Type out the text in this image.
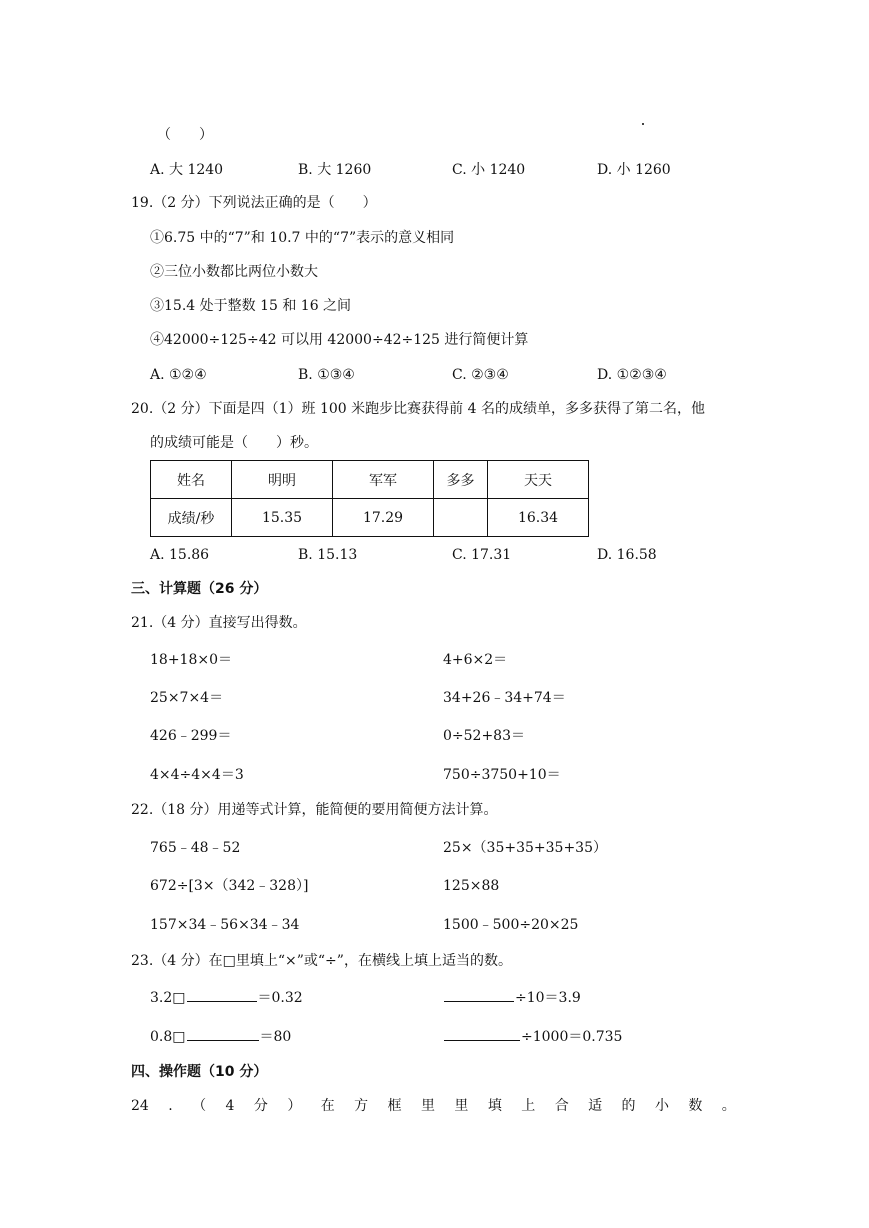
（　　）
A. 大 1240	B. 大 1260	C. 小 1240	D. 小 1260
19.（2 分）下列说法正确的是（　　）
①6.75 中的“7”和 10.7 中的“7”表示的意义相同
②三位小数都比两位小数大
③15.4 处于整数 15 和 16 之间
④42000÷125÷42 可以用 42000÷42÷125 进行简便计算
A. ①②④	B. ①③④	C. ②③④	D. ①②③④
20.（2 分）下面是四（1）班 100 米跑步比赛获得前 4 名的成绩单，多多获得了第二名，他
的成绩可能是（　　）秒。
姓名	明明	军军	多多	天天
成绩/秒	15.35	17.29		16.34
A. 15.86	B. 15.13	C. 17.31	D. 16.58
三、计算题（26 分）
21.（4 分）直接写出得数。
18+18×0＝	4+6×2＝
25×7×4＝	34+26﹣34+74＝
426﹣299＝	0÷52+83＝
4×4÷4×4＝3	750÷3750+10＝
22.（18 分）用递等式计算，能简便的要用简便方法计算。
765﹣48﹣52	25×（35+35+35+35）
672÷[3×（342﹣328）]	125×88
157×34﹣56×34﹣34	1500﹣500÷20×25
23.（4 分）在□里填上“×”或“÷”，在横线上填上适当的数。
3.2□	＝0.32	÷10＝3.9
0.8□	＝80	÷1000＝0.735
四、操作题（10 分）
24 . （ 4 分 ） 在 方 框 里 里 填 上 合 适 的 小 数 。
